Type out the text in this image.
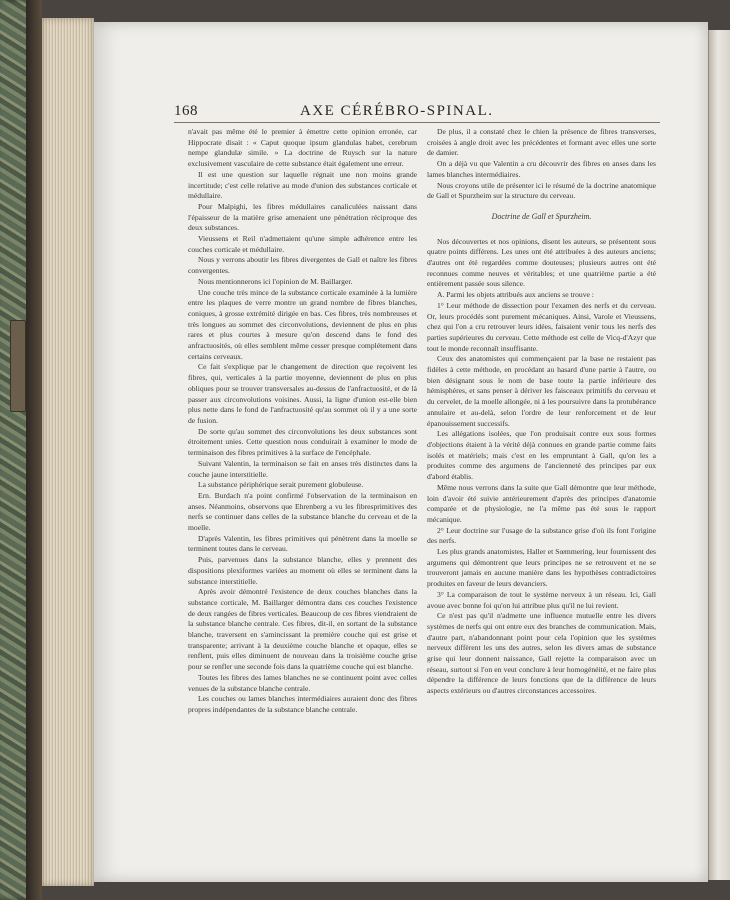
168	AXE CÉRÉBRO-SPINAL.

n'avait pas même été le premier à émettre cette opinion erronée, car Hippocrate disait : « Caput quoque ipsum glandulas habet, cerebrum nempe glandulæ simile. » La doctrine de Ruysch sur la nature exclusivement vasculaire de cette substance était également une erreur.

Il est une question sur laquelle régnait une non moins grande incertitude; c'est celle relative au mode d'union des substances corticale et médullaire.

Pour Malpighi, les fibres médullaires canaliculées naissant dans l'épaisseur de la matière grise amenaient une pénétration réciproque des deux substances.

Vieussens et Reil n'admettaient qu'une simple adhérence entre les couches corticale et médullaire.

Nous y verrons aboutir les fibres divergentes de Gall et naître les fibres convergentes.

Nous mentionnerons ici l'opinion de M. Baillarger.

Une couche très mince de la substance corticale examinée à la lumière entre les plaques de verre montre un grand nombre de fibres blanches, coniques, à grosse extrémité dirigée en bas. Ces fibres, très nombreuses et très longues au sommet des circonvolutions, deviennent de plus en plus rares et plus courtes à mesure qu'on descend dans le fond des anfractuosités, où elles semblent même cesser presque complétement dans certains cerveaux.

Ce fait s'explique par le changement de direction que reçoivent les fibres, qui, verticales à la partie moyenne, deviennent de plus en plus obliques pour se trouver transversales au-dessus de l'anfractuosité, et de là passer aux circonvolutions voisines. Aussi, la ligne d'union est-elle bien plus nette dans le fond de l'anfractuosité qu'au sommet où il y a une sorte de fusion.

De sorte qu'au sommet des circonvolutions les deux substances sont étroitement unies. Cette question nous conduirait à examiner le mode de terminaison des fibres primitives à la surface de l'encéphale.

Suivant Valentin, la terminaison se fait en anses très distinctes dans la couche jaune interstitielle.

La substance périphérique serait purement globuleuse.

Ern. Burdach n'a point confirmé l'observation de la terminaison en anses. Néanmoins, observons que Ehrenberg a vu les fibresprimitives des nerfs se continuer dans celles de la substance blanche du cerveau et de la moelle.

D'après Valentin, les fibres primitives qui pénètrent dans la moelle se terminent toutes dans le cerveau.

Puis, parvenues dans la substance blanche, elles y prennent des dispositions plexiformes variées au moment où elles se terminent dans la substance interstitielle.

Après avoir démontré l'existence de deux couches blanches dans la substance corticale, M. Baillarger démontra dans ces couches l'existence de deux rangées de fibres verticales. Beaucoup de ces fibres viendraient de la substance blanche centrale. Ces fibres, dit-il, en sortant de la substance blanche, traversent en s'amincissant la première couche qui est grise et transparente; arrivant à la deuxième couche blanche et opaque, elles se renflent, puis elles diminuent de nouveau dans la troisième couche grise pour se renfler une seconde fois dans la quatrième couche qui est blanche.

Toutes les fibres des lames blanches ne se continuent point avec celles venues de la substance blanche centrale.

Les couches ou lames blanches intermédiaires auraient donc des fibres propres indépendantes de la substance blanche centrale.

De plus, il a constaté chez le chien la présence de fibres transverses, croisées à angle droit avec les précédentes et formant avec elles une sorte de damier.

On a déjà vu que Valentin a cru découvrir des fibres en anses dans les lames blanches intermédiaires.

Nous croyons utile de présenter ici le résumé de la doctrine anatomique de Gall et Spurzheim sur la structure du cerveau.

Doctrine de Gall et Spurzheim.

Nos découvertes et nos opinions, disent les auteurs, se présentent sous quatre points différens. Les unes ont été attribuées à des auteurs anciens; d'autres ont été regardées comme douteuses; plusieurs autres ont été reconnues comme neuves et véritables; et une quatrième partie a été entièrement passée sous silence.

A. Parmi les objets attribués aux anciens se trouve :

1° Leur méthode de dissection pour l'examen des nerfs et du cerveau. Or, leurs procédés sont purement mécaniques. Ainsi, Varole et Vieussens, chez qui l'on a cru retrouver leurs idées, faisaient venir tous les nerfs des parties supérieures du cerveau. Cette méthode est celle de Vicq-d'Azyr que tout le monde reconnaît insuffisante.

Ceux des anatomistes qui commençaient par la base ne restaient pas fidèles à cette méthode, en procédant au hasard d'une partie à l'autre, ou bien désignant sous le nom de base toute la partie inférieure des hémisphères, et sans penser à dériver les faisceaux primitifs du cerveau et du cervelet, de la moelle allongée, ni à les poursuivre dans la protubérance annulaire et au-delà, selon l'ordre de leur renforcement et de leur épanouissement successifs.

Les allégations isolées, que l'on produisait contre eux sous formes d'objections étaient à la vérité déjà connues en grande partie comme faits isolés et matériels; mais c'est en les empruntant à Gall, qu'on les a produites comme des argumens de l'ancienneté des principes par eux d'abord établis.

Même nous verrons dans la suite que Gall démontre que leur méthode, loin d'avoir été suivie antérieurement d'après des principes d'anatomie comparée et de physiologie, ne l'a même pas été sous le rapport mécanique.

2° Leur doctrine sur l'usage de la substance grise d'où ils font l'origine des nerfs.

Les plus grands anatomistes, Haller et Sœmmering, leur fournissent des argumens qui démontrent que leurs principes ne se retrouvent et ne se trouveront jamais en aucune manière dans les hypothèses contradictoires produites en faveur de leurs devanciers.

3° La comparaison de tout le système nerveux à un réseau. Ici, Gall avoue avec bonne foi qu'on lui attribue plus qu'il ne lui revient.

Ce n'est pas qu'il n'admette une influence mutuelle entre les divers systèmes de nerfs qui ont entre eux des branches de communication. Mais, d'autre part, n'abandonnant point pour cela l'opinion que les systèmes nerveux diffèrent les uns des autres, selon les divers amas de substance grise qui leur donnent naissance, Gall rejette la comparaison avec un réseau, surtout si l'on en veut conclure à leur homogénéité, et ne faire plus dépendre la différence de leurs fonctions que de la différence de leurs aspects extérieurs ou d'autres circonstances accessoires.
